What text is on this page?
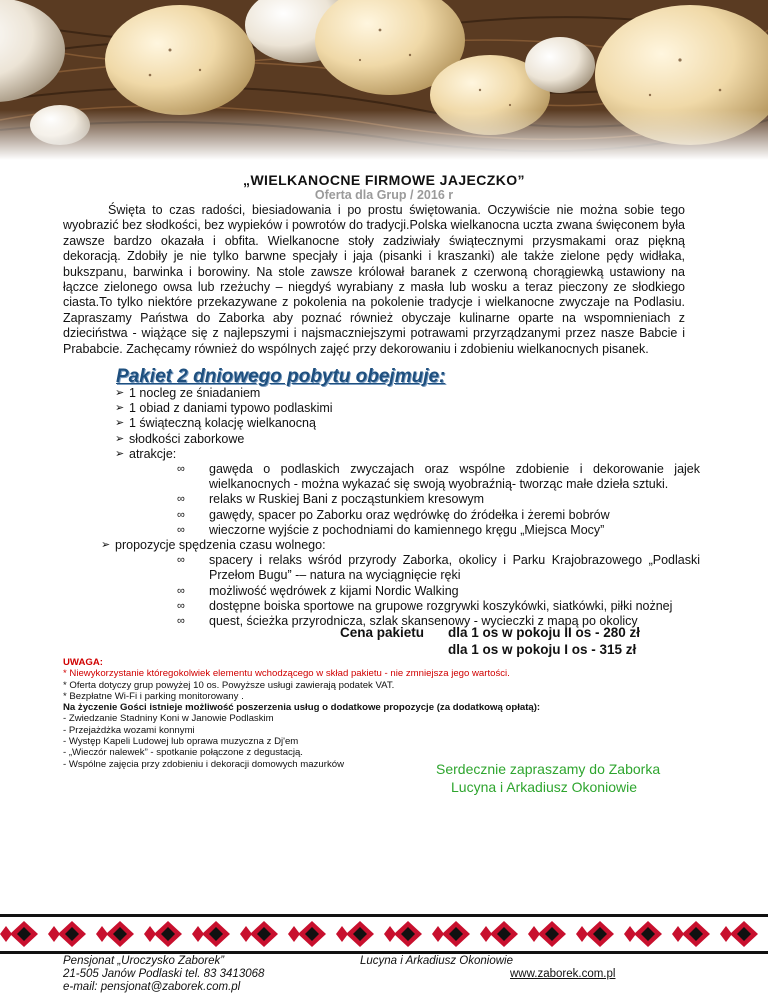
„WIELKANOCNE FIRMOWE JAJECZKO”
Oferta dla Grup / 2016 r

Święta to czas radości, biesiadowania i po prostu świętowania. Oczywiście nie można sobie tego wyobrazić bez słodkości, bez wypieków i powrotów do tradycji.Polska wielkanocna uczta zwana święconem była zawsze bardzo okazała i obfita. Wielkanocne stoły zadziwiały świątecznymi przysmakami oraz piękną dekoracją. Zdobiły je nie tylko barwne specjały i jaja (pisanki i kraszanki) ale także zielone pędy widłaka, bukszpanu, barwinka i borowiny. Na stole zawsze królował baranek z czerwoną chorągiewką ustawiony na łączce zielonego owsa lub rzeżuchy – niegdyś wyrabiany z masła lub wosku a teraz pieczony ze słodkiego ciasta.To tylko niektóre przekazywane z pokolenia na pokolenie tradycje i wielkanocne zwyczaje na Podlasiu. Zapraszamy Państwa do Zaborka aby poznać również obyczaje kulinarne oparte na wspomnieniach z dzieciństwa - wiążące się z najlepszymi i najsmaczniejszymi potrawami przyrządzanymi przez nasze Babcie i Prababcie. Zachęcamy również do wspólnych zajęć przy dekorowaniu i zdobieniu wielkanocnych pisanek.

Pakiet 2 dniowego pobytu obejmuje:
➢ 1 nocleg ze śniadaniem
➢ 1 obiad z daniami typowo podlaskimi
➢ 1 świąteczną kolację wielkanocną
➢ słodkości zaborkowe
➢ atrakcje:
∞ gawęda o podlaskich zwyczajach oraz wspólne zdobienie i dekorowanie jajek wielkanocnych - można wykazać się swoją wyobraźnią- tworząc małe dzieła sztuki.
∞ relaks w Ruskiej Bani z począstunkiem kresowym
∞ gawędy, spacer po Zaborku oraz wędrówkę do źródełka i żeremi bobrów
∞ wieczorne wyjście z pochodniami do kamiennego kręgu „Miejsca Mocy”
➢ propozycje spędzenia czasu wolnego:
∞ spacery i relaks wśród przyrody Zaborka, okolicy i Parku Krajobrazowego „Podlaski Przełom Bugu” -– natura na wyciągnięcie ręki
∞ możliwość wędrówek z kijami Nordic Walking
∞ dostępne boiska sportowe na grupowe rozgrywki koszykówki, siatkówki, piłki nożnej
∞ quest, ścieżka przyrodnicza, szlak skansenowy - wycieczki z mapą po okolicy
Cena pakietu dla 1 os w pokoju II os - 280 zł
dla 1 os w pokoju I os - 315 zł
UWAGA:
* Niewykorzystanie któregokolwiek elementu wchodzącego w skład pakietu - nie zmniejsza jego wartości.
* Oferta dotyczy grup powyżej 10 os. Powyższe usługi zawierają podatek VAT.
* Bezpłatne Wi-Fi i parking monitorowany .
Na życzenie Gości istnieje możliwość poszerzenia usług o dodatkowe propozycje (za dodatkową opłatą):
- Zwiedzanie Stadniny Koni w Janowie Podlaskim
- Przejażdżka wozami konnymi
- Występ Kapeli Ludowej lub oprawa muzyczna z Dj'em
- „Wieczór nalewek” - spotkanie połączone z degustacją.
- Wspólne zajęcia przy zdobieniu i dekoracji domowych mazurków	Serdecznie zapraszamy do Zaborka
Lucyna i Arkadiusz Okoniowie
Pensjonat „Uroczysko Zaborek”
21-505 Janów Podlaski tel. 83 3413068
e-mail: pensjonat@zaborek.com.pl
Lucyna i Arkadiusz Okoniowie
www.zaborek.com.pl
